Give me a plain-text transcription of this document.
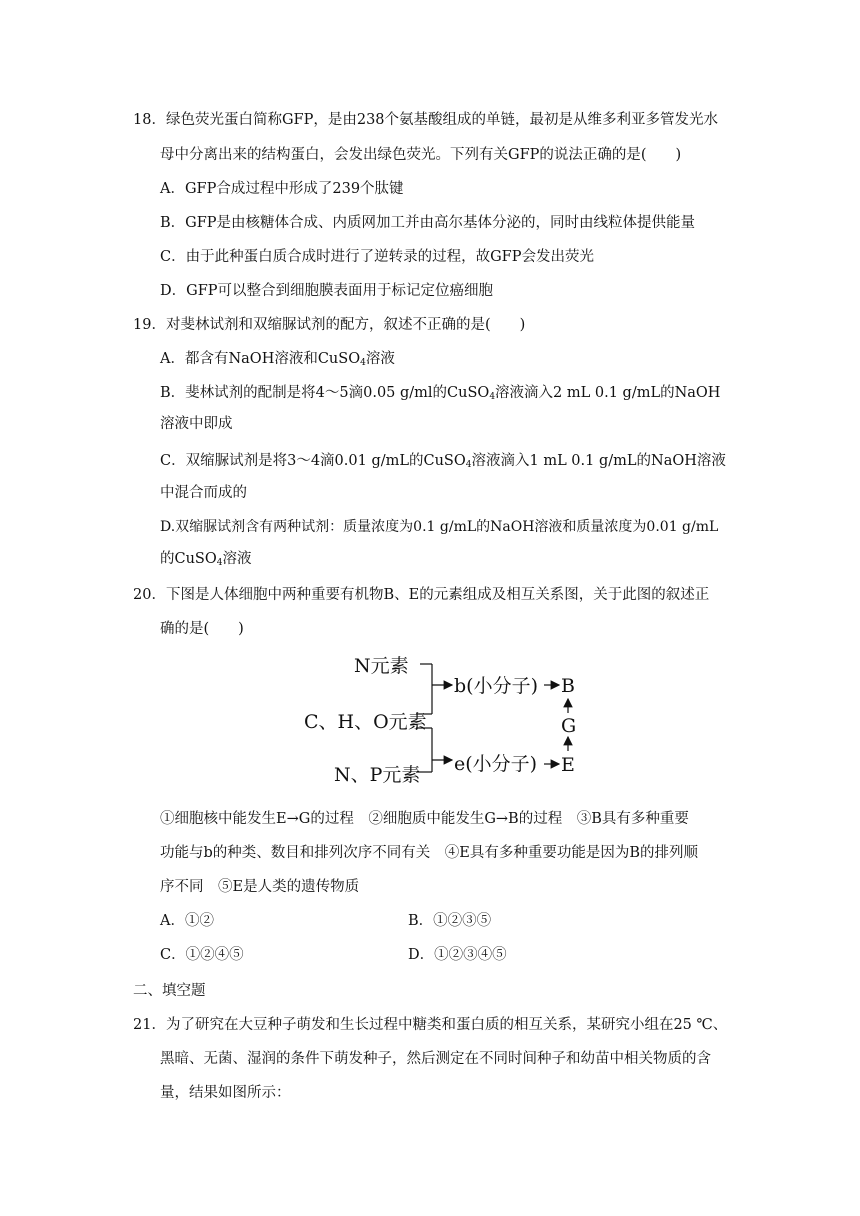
18．绿色荧光蛋白简称GFP，是由238个氨基酸组成的单链，最初是从维多利亚多管发光水
母中分离出来的结构蛋白，会发出绿色荧光。下列有关GFP的说法正确的是(　　)
A．GFP合成过程中形成了239个肽键
B．GFP是由核糖体合成、内质网加工并由高尔基体分泌的，同时由线粒体提供能量
C．由于此种蛋白质合成时进行了逆转录的过程，故GFP会发出荧光
D．GFP可以整合到细胞膜表面用于标记定位癌细胞
19．对斐林试剂和双缩脲试剂的配方，叙述不正确的是(　　)
A．都含有NaOH溶液和CuSO$_4$溶液
B．斐林试剂的配制是将4～5滴0.05 g/ml的CuSO$_4$溶液滴入2 mL 0.1 g/mL的NaOH
溶液中即成
C．双缩脲试剂是将3～4滴0.01 g/mL的CuSO$_4$溶液滴入1 mL 0.1 g/mL的NaOH溶液
中混合而成的
D.双缩脲试剂含有两种试剂：质量浓度为0.1 g/mL的NaOH溶液和质量浓度为0.01 g/mL
的CuSO$_4$溶液
20．下图是人体细胞中两种重要有机物B、E的元素组成及相互关系图，关于此图的叙述正
确的是(　　)
N元素
C、H、O元素
N、P元素
b(小分子) B
e(小分子) E
G
①细胞核中能发生E→G的过程　②细胞质中能发生G→B的过程　③B具有多种重要
功能与b的种类、数目和排列次序不同有关　④E具有多种重要功能是因为B的排列顺
序不同　⑤E是人类的遗传物质
A．①②	B．①②③⑤
C．①②④⑤	D．①②③④⑤
二、填空题
21．为了研究在大豆种子萌发和生长过程中糖类和蛋白质的相互关系，某研究小组在25 ℃、
黑暗、无菌、湿润的条件下萌发种子，然后测定在不同时间种子和幼苗中相关物质的含
量，结果如图所示：
